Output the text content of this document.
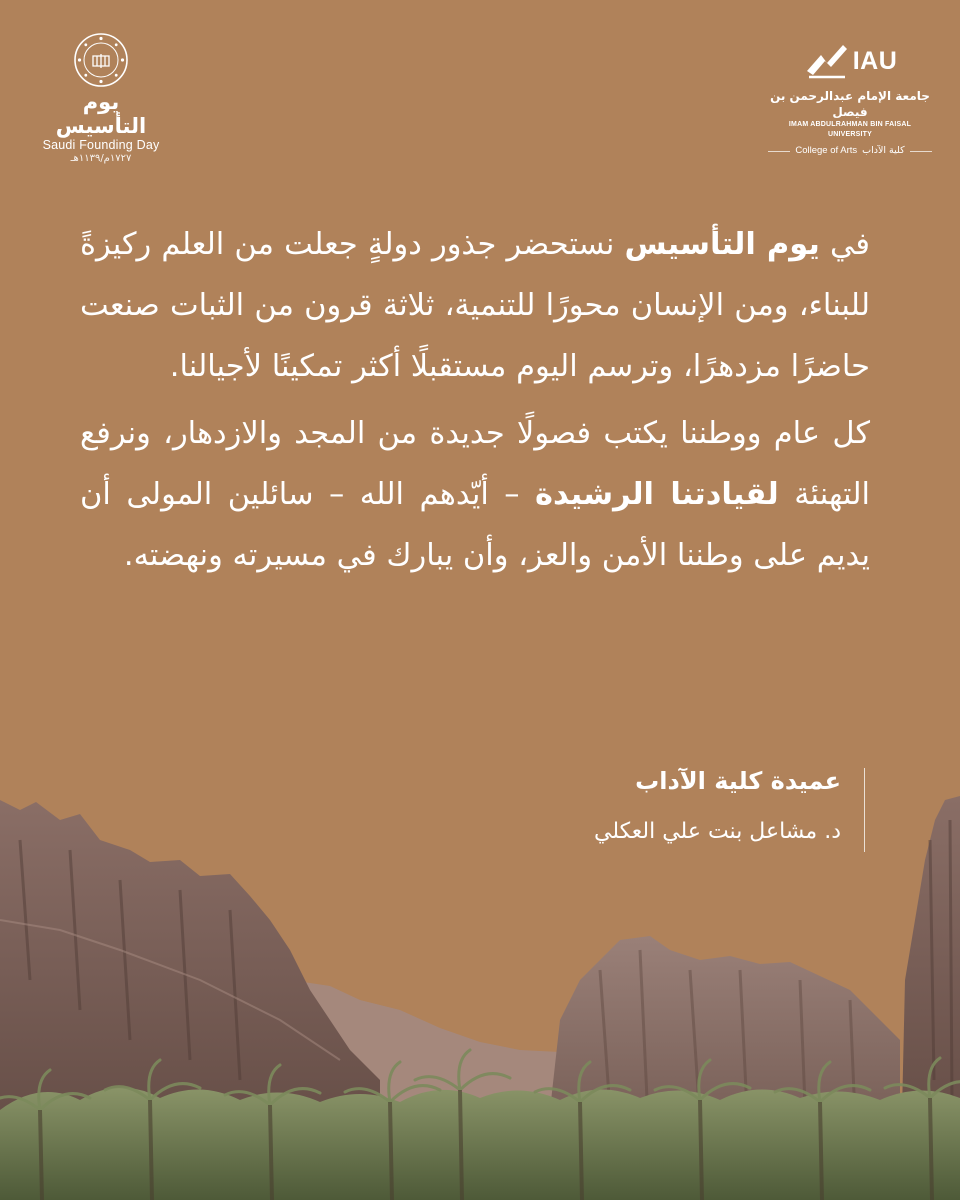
يوم التأسيس
Saudi Founding Day
١٧٢٧م/١١٣٩هـ
IAU
جامعة الإمام عبدالرحمن بن فيصل
IMAM ABDULRAHMAN BIN FAISAL UNIVERSITY
College of Arts كلية الآداب

في يوم التأسيس نستحضر جذور دولةٍ جعلت من العلم ركيزةً للبناء، ومن الإنسان محورًا للتنمية، ثلاثة قرون من الثبات صنعت حاضرًا مزدهرًا، وترسم اليوم مستقبلًا أكثر تمكينًا لأجيالنا.

كل عام ووطننا يكتب فصولًا جديدة من المجد والازدهار، ونرفع التهنئة لقيادتنا الرشيدة – أيّدهم الله – سائلين المولى أن يديم على وطننا الأمن والعز، وأن يبارك في مسيرته ونهضته.

عميدة كلية الآداب
د. مشاعل بنت علي العكلي
